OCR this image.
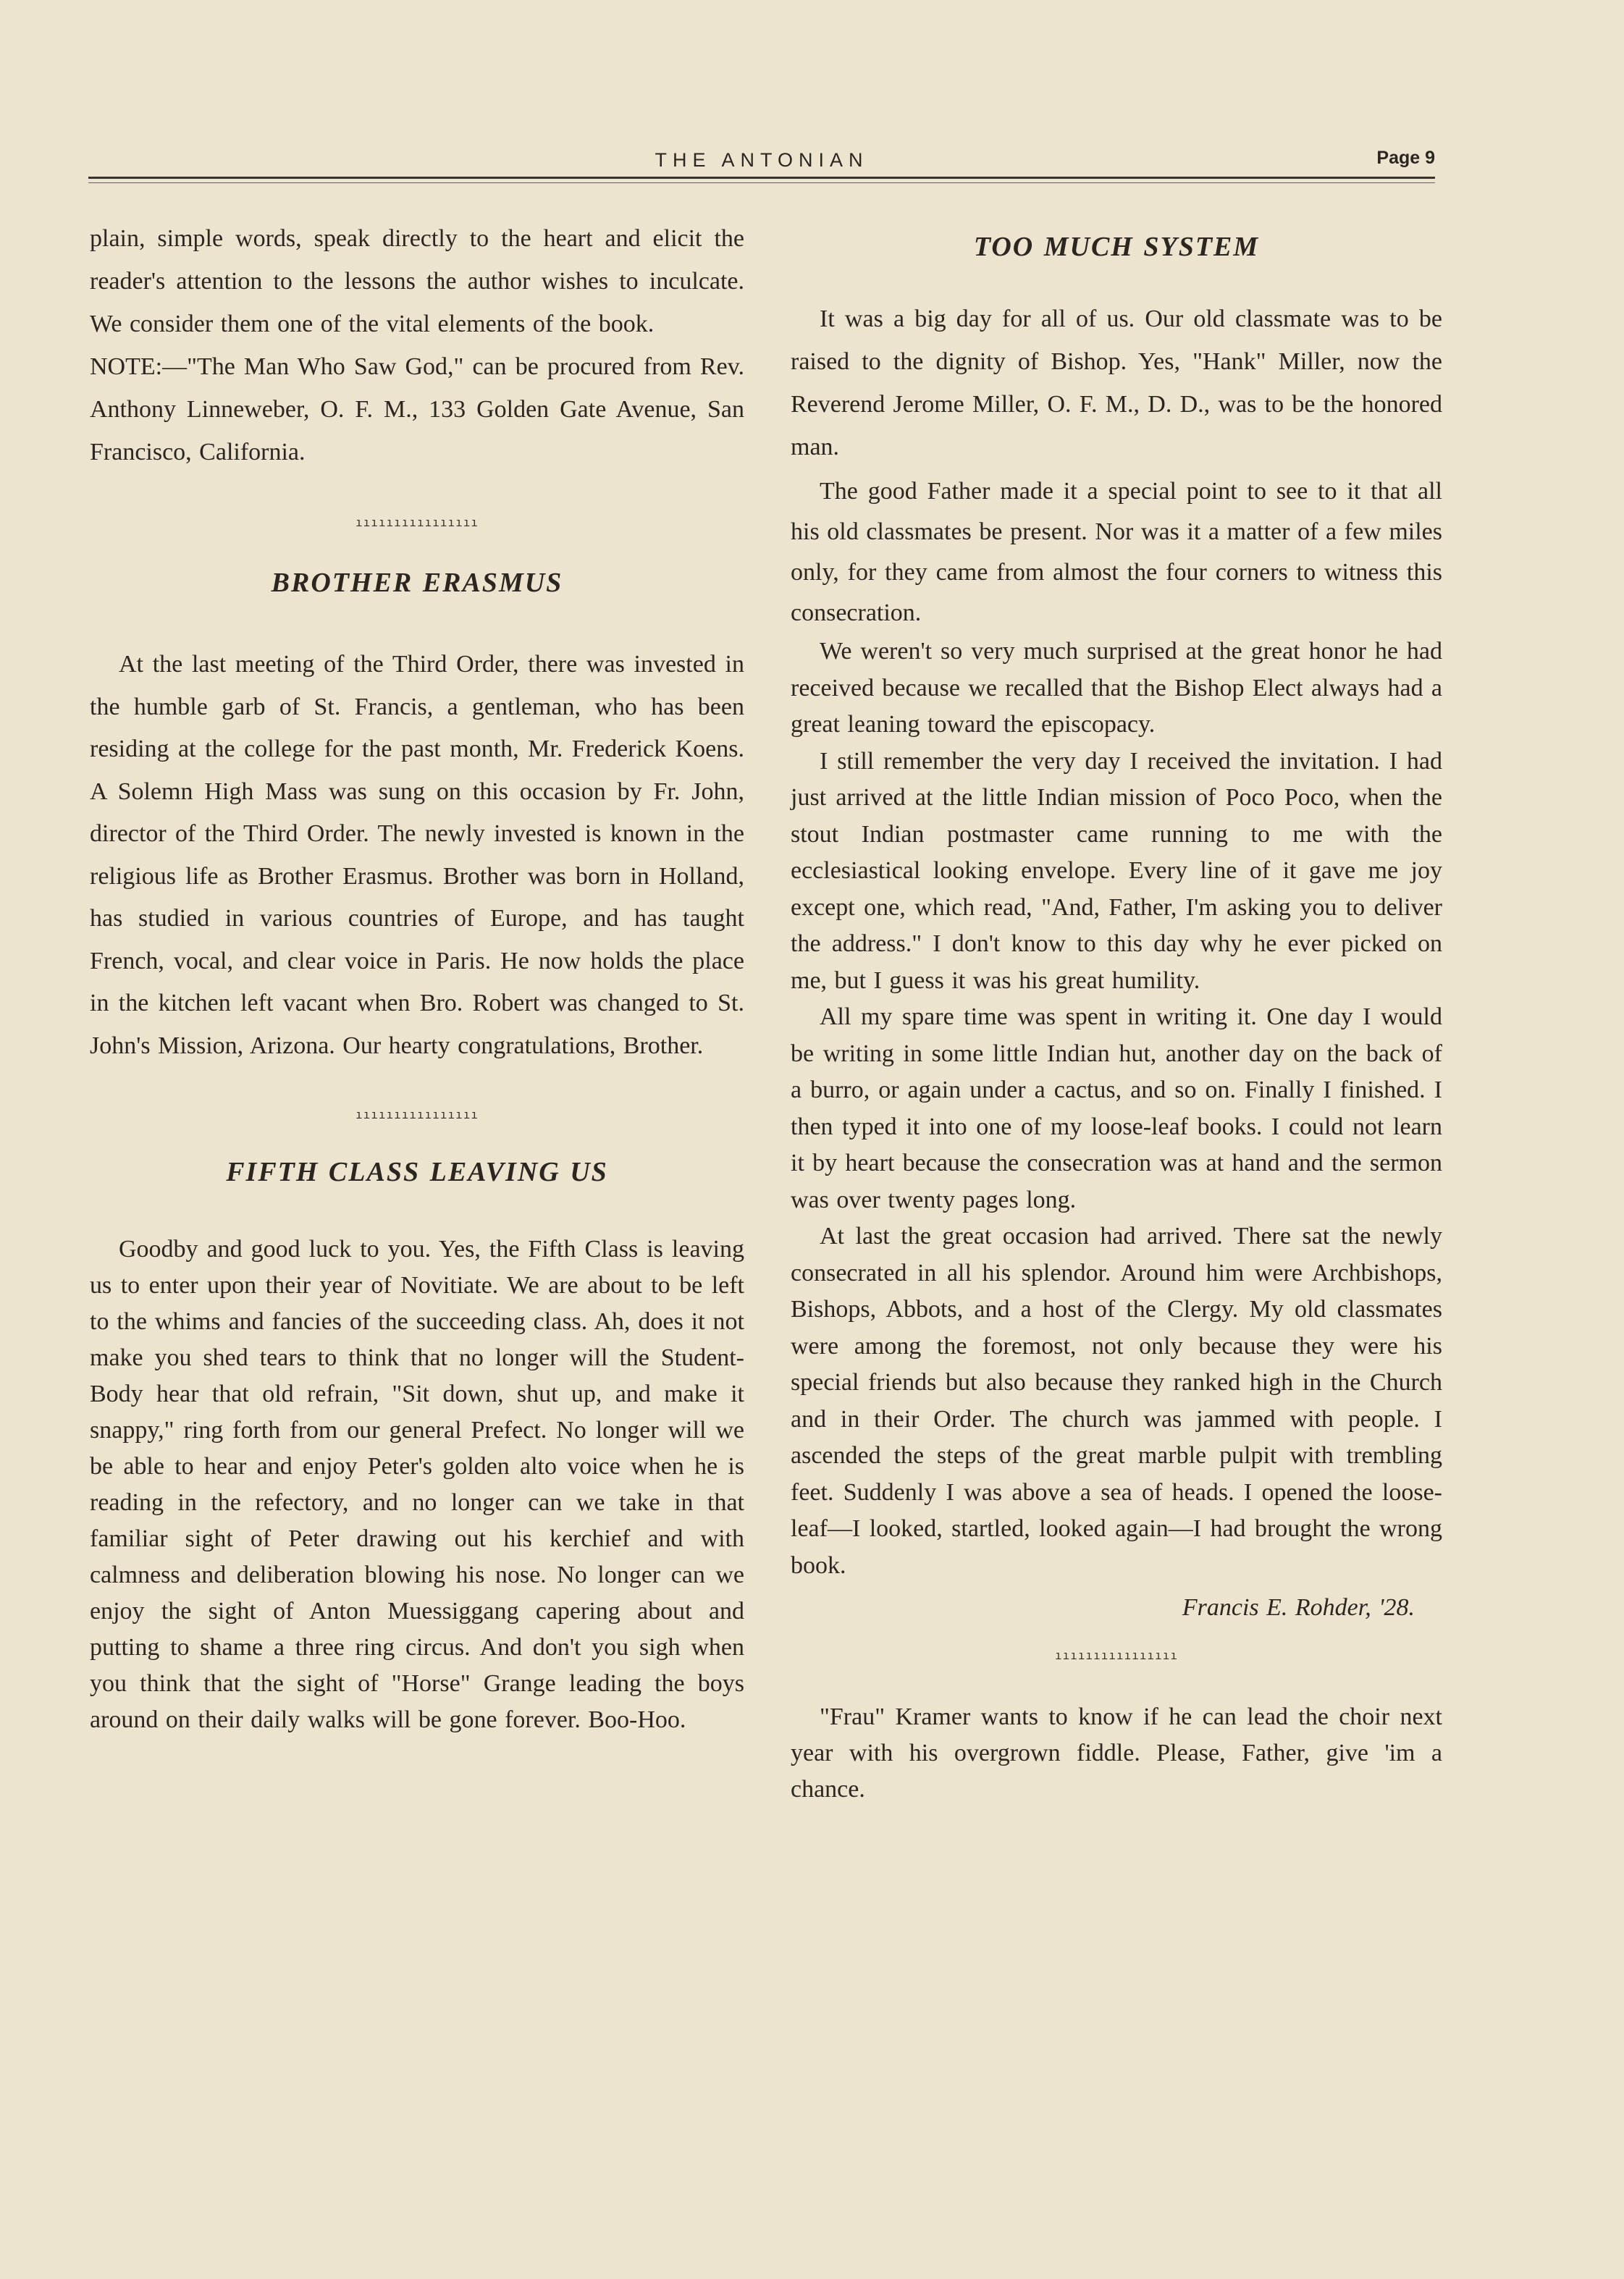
THE ANTONIAN	Page 9

plain, simple words, speak directly to the heart and elicit the reader's attention to the lessons the author wishes to inculcate. We consider them one of the vital elements of the book.

NOTE:—"The Man Who Saw God," can be procured from Rev. Anthony Linneweber, O. F. M., 133 Golden Gate Avenue, San Francisco, California.

ıııııııııııııııı
BROTHER ERASMUS

At the last meeting of the Third Order, there was invested in the humble garb of St. Francis, a gentleman, who has been residing at the college for the past month, Mr. Frederick Koens. A Solemn High Mass was sung on this occasion by Fr. John, director of the Third Order. The newly invested is known in the religious life as Brother Erasmus. Brother was born in Holland, has studied in various countries of Europe, and has taught French, vocal, and clear voice in Paris. He now holds the place in the kitchen left vacant when Bro. Robert was changed to St. John's Mission, Arizona. Our hearty congratulations, Brother.

ıııııııııııııııı
FIFTH CLASS LEAVING US

Goodby and good luck to you. Yes, the Fifth Class is leaving us to enter upon their year of Novitiate. We are about to be left to the whims and fancies of the succeeding class. Ah, does it not make you shed tears to think that no longer will the Student-Body hear that old refrain, "Sit down, shut up, and make it snappy," ring forth from our general Prefect. No longer will we be able to hear and enjoy Peter's golden alto voice when he is reading in the refectory, and no longer can we take in that familiar sight of Peter drawing out his kerchief and with calmness and deliberation blowing his nose. No longer can we enjoy the sight of Anton Muessiggang capering about and putting to shame a three ring circus. And don't you sigh when you think that the sight of "Horse" Grange leading the boys around on their daily walks will be gone forever. Boo-Hoo.

TOO MUCH SYSTEM

It was a big day for all of us. Our old classmate was to be raised to the dignity of Bishop. Yes, "Hank" Miller, now the Reverend Jerome Miller, O. F. M., D. D., was to be the honored man.

The good Father made it a special point to see to it that all his old classmates be present. Nor was it a matter of a few miles only, for they came from almost the four corners to witness this consecration.

We weren't so very much surprised at the great honor he had received because we recalled that the Bishop Elect always had a great leaning toward the episcopacy.

I still remember the very day I received the invitation. I had just arrived at the little Indian mission of Poco Poco, when the stout Indian postmaster came running to me with the ecclesiastical looking envelope. Every line of it gave me joy except one, which read, "And, Father, I'm asking you to deliver the address." I don't know to this day why he ever picked on me, but I guess it was his great humility.

All my spare time was spent in writing it. One day I would be writing in some little Indian hut, another day on the back of a burro, or again under a cactus, and so on. Finally I finished. I then typed it into one of my loose-leaf books. I could not learn it by heart because the consecration was at hand and the sermon was over twenty pages long.

At last the great occasion had arrived. There sat the newly consecrated in all his splendor. Around him were Archbishops, Bishops, Abbots, and a host of the Clergy. My old classmates were among the foremost, not only because they were his special friends but also because they ranked high in the Church and in their Order. The church was jammed with people. I ascended the steps of the great marble pulpit with trembling feet. Suddenly I was above a sea of heads. I opened the loose-leaf—I looked, startled, looked again—I had brought the wrong book.

Francis E. Rohder, '28.

ıııııııııııııııı

"Frau" Kramer wants to know if he can lead the choir next year with his overgrown fiddle. Please, Father, give 'im a chance.
